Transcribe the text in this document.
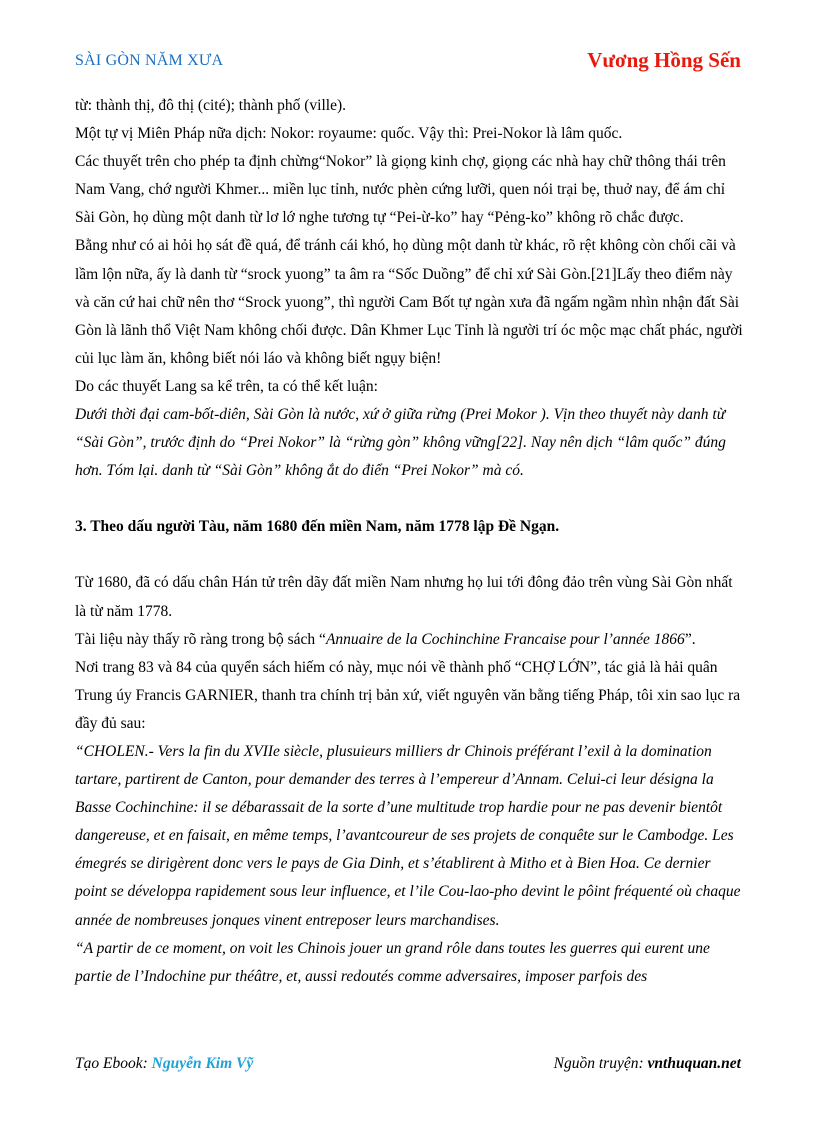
SÀI GÒN NĂM XƯA	Vương Hồng Sến

từ: thành thị, đô thị (cité); thành phố (ville).

Một tự vị Miên Pháp nữa dịch: Nokor: royaume: quốc. Vậy thì: Prei-Nokor là lâm quốc.

Các thuyết trên cho phép ta định chừng“Nokor” là giọng kinh chợ, giọng các nhà hay chữ thông thái trên Nam Vang, chớ người Khmer... miền lục tỉnh, nước phèn cứng lưỡi, quen nói trại bẹ, thuở nay, để ám chỉ Sài Gòn, họ dùng một danh từ lơ lớ nghe tương tự “Pei-ừ-ko” hay “Pẻng-ko” không rõ chắc được.

Bằng như có ai hỏi họ sát đề quá, để tránh cái khó, họ dùng một danh từ khác, rõ rệt không còn chối cãi và lầm lộn nữa, ấy là danh từ “srock yuong” ta âm ra “Sốc Duồng” để chỉ xứ Sài Gòn.[21]Lấy theo điểm này và căn cứ hai chữ nên thơ “Srock yuong”, thì người Cam Bốt tự ngàn xưa đã ngấm ngầm nhìn nhận đất Sài Gòn là lãnh thổ Việt Nam không chối được. Dân Khmer Lục Tỉnh là người trí óc mộc mạc chất phác, người củi lục làm ăn, không biết nói láo và không biết ngụy biện!

Do các thuyết Lang sa kể trên, ta có thể kết luận:

Dưới thời đại cam-bốt-diên, Sài Gòn là nước, xứ ở giữa rừng (Prei Mokor ). Vịn theo thuyết này danh từ “Sài Gòn”, trước định do “Prei Nokor” là “rừng gòn” không vững[22]. Nay nên dịch “lâm quốc” đúng hơn. Tóm lại. danh từ “Sài Gòn” không ắt do điển “Prei Nokor” mà có.

3. Theo dấu người Tàu, năm 1680 đến miền Nam, năm 1778 lập Đề Ngạn.

Từ 1680, đã có dấu chân Hán tử trên dãy đất miền Nam nhưng họ lui tới đông đảo trên vùng Sài Gòn nhất là từ năm 1778.

Tài liệu này thấy rõ ràng trong bộ sách “Annuaire de la Cochinchine Francaise pour l’année 1866”.

Nơi trang 83 và 84 của quyển sách hiếm có này, mục nói về thành phố “CHỢ LỚN”, tác giả là hải quân Trung úy Francis GARNIER, thanh tra chính trị bản xứ, viết nguyên văn bằng tiếng Pháp, tôi xin sao lục ra đầy đủ sau:

“CHOLEN.- Vers la fin du XVIIe siècle, plusuieurs milliers dr Chinois préférant l’exil à la domination tartare, partirent de Canton, pour demander des terres à l’empereur d’Annam. Celui-ci leur désigna la Basse Cochinchine: il se débarassait de la sorte d’une multitude trop hardie pour ne pas devenir bientôt dangereuse, et en faisait, en même temps, l’avantcoureur de ses projets de conquête sur le Cambodge. Les émegrés se dirigèrent donc vers le pays de Gia Dinh, et s’établirent à Mitho et à Bien Hoa. Ce dernier point se développa rapidement sous leur influence, et l’ile Cou-lao-pho devint le pôint fréquenté où chaque année de nombreuses jonques vinent entreposer leurs marchandises.

“A partir de ce moment, on voit les Chinois jouer un grand rôle dans toutes les guerres qui eurent une partie de l’Indochine pur théâtre, et, aussi redoutés comme adversaires, imposer parfois des

Tạo Ebook: Nguyễn Kim Vỹ	Nguồn truyện: vnthuquan.net
